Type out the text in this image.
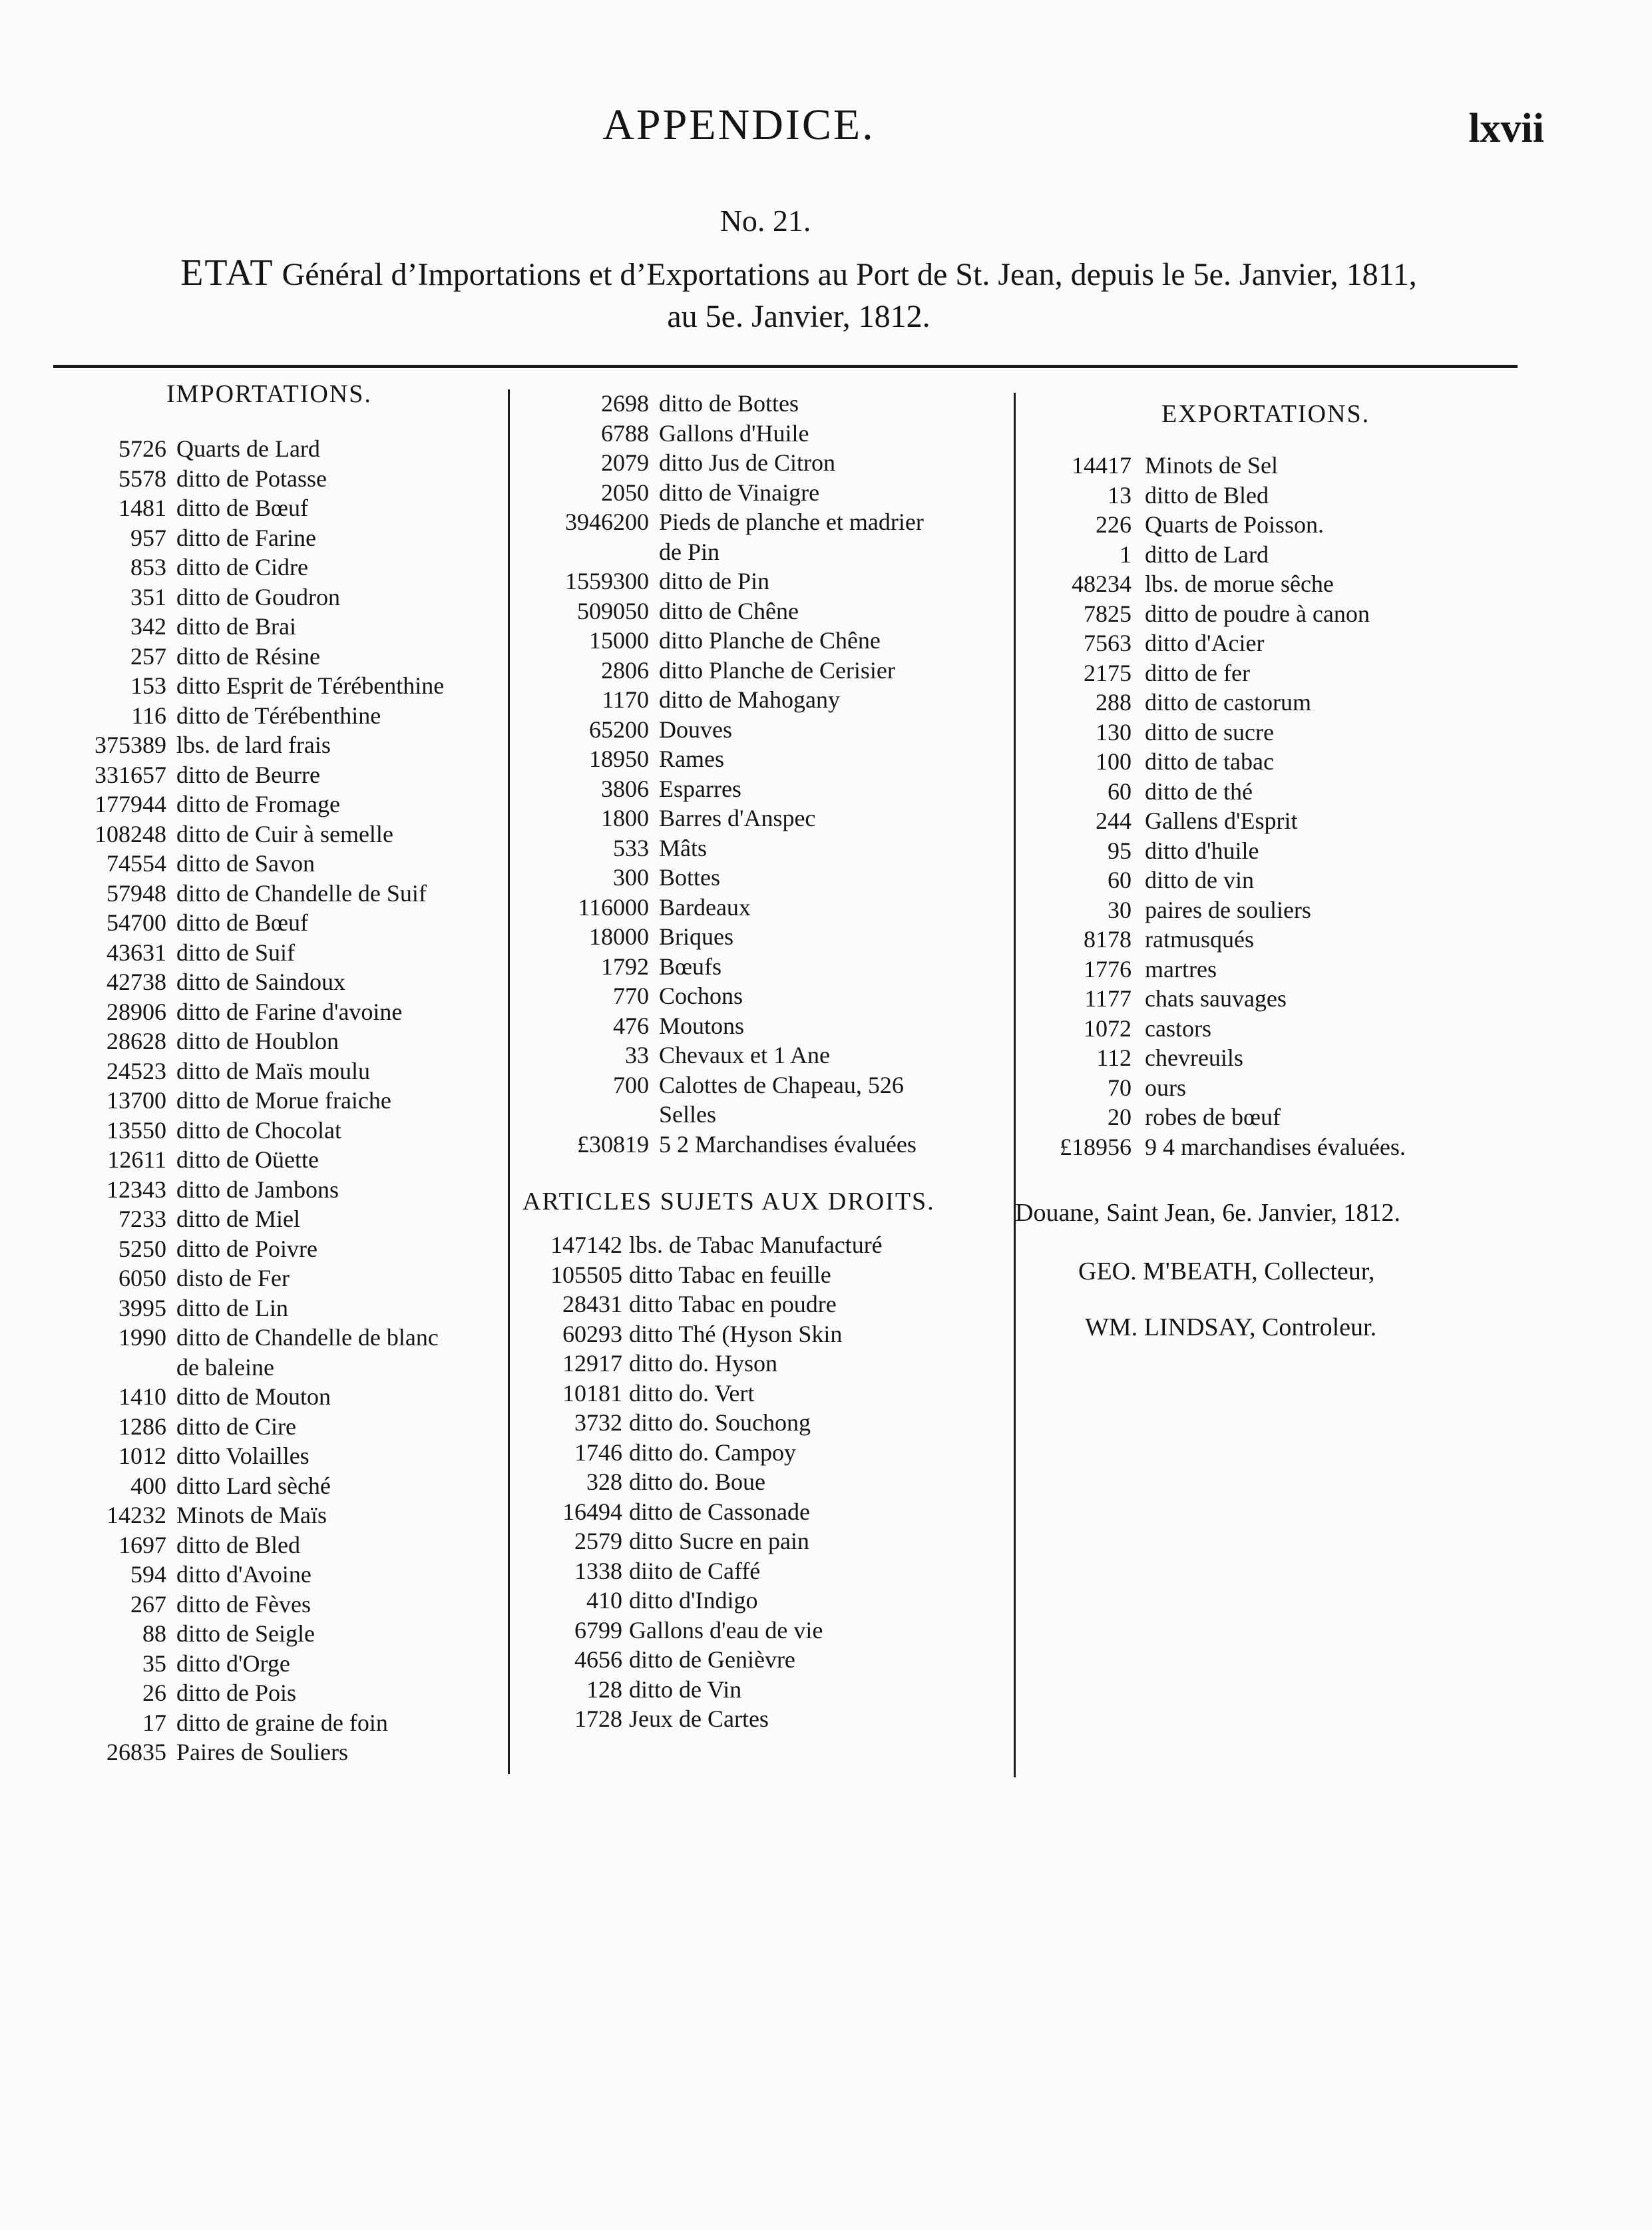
APPENDICE.	lxvii
No. 21.
ETAT Général d’Importations et d’Exportations au Port de St. Jean, depuis le 5e. Janvier, 1811,
au 5e. Janvier, 1812.
IMPORTATIONS.
5726 Quarts de Lard
5578 ditto de Potasse
1481 ditto de Bœuf
957 ditto de Farine
853 ditto de Cidre
351 ditto de Goudron
342 ditto de Brai
257 ditto de Résine
153 ditto Esprit de Térébenthine
116 ditto de Térébenthine
375389 lbs. de lard frais
331657 ditto de Beurre
177944 ditto de Fromage
108248 ditto de Cuir à semelle
74554 ditto de Savon
57948 ditto de Chandelle de Suif
54700 ditto de Bœuf
43631 ditto de Suif
42738 ditto de Saindoux
28906 ditto de Farine d'avoine
28628 ditto de Houblon
24523 ditto de Maïs moulu
13700 ditto de Morue fraiche
13550 ditto de Chocolat
12611 ditto de Oüette
12343 ditto de Jambons
7233 ditto de Miel
5250 ditto de Poivre
6050 disto de Fer
3995 ditto de Lin
1990 ditto de Chandelle de blanc
de baleine
1410 ditto de Mouton
1286 ditto de Cire
1012 ditto Volailles
400 ditto Lard sèché
14232 Minots de Maïs
1697 ditto de Bled
594 ditto d'Avoine
267 ditto de Fèves
88 ditto de Seigle
35 ditto d'Orge
26 ditto de Pois
17 ditto de graine de foin
26835 Paires de Souliers
2698 ditto de Bottes
6788 Gallons d'Huile
2079 ditto Jus de Citron
2050 ditto de Vinaigre
3946200 Pieds de planche et madrier
de Pin
1559300 ditto de Pin
509050 ditto de Chêne
15000 ditto Planche de Chêne
2806 ditto Planche de Cerisier
1170 ditto de Mahogany
65200 Douves
18950 Rames
3806 Esparres
1800 Barres d'Anspec
533 Mâts
300 Bottes
116000 Bardeaux
18000 Briques
1792 Bœufs
770 Cochons
476 Moutons
33 Chevaux et 1 Ane
700 Calottes de Chapeau, 526
Selles
£30819 5 2 Marchandises évaluées
ARTICLES SUJETS AUX DROITS.
147142 lbs. de Tabac Manufacturé
105505 ditto Tabac en feuille
28431 ditto Tabac en poudre
60293 ditto Thé (Hyson Skin
12917 ditto do. Hyson
10181 ditto do. Vert
3732 ditto do. Souchong
1746 ditto do. Campoy
328 ditto do. Boue
16494 ditto de Cassonade
2579 ditto Sucre en pain
1338 diito de Caffé
410 ditto d'Indigo
6799 Gallons d'eau de vie
4656 ditto de Genièvre
128 ditto de Vin
1728 Jeux de Cartes
EXPORTATIONS.
14417 Minots de Sel
13 ditto de Bled
226 Quarts de Poisson.
1 ditto de Lard
48234 lbs. de morue sêche
7825 ditto de poudre à canon
7563 ditto d'Acier
2175 ditto de fer
288 ditto de castorum
130 ditto de sucre
100 ditto de tabac
60 ditto de thé
244 Gallens d'Esprit
95 ditto d'huile
60 ditto de vin
30 paires de souliers
8178 ratmusqués
1776 martres
1177 chats sauvages
1072 castors
112 chevreuils
70 ours
20 robes de bœuf
£18956 9 4 marchandises évaluées.
Douane, Saint Jean, 6e. Janvier, 1812.
GEO. M'BEATH, Collecteur,
WM. LINDSAY, Controleur.
